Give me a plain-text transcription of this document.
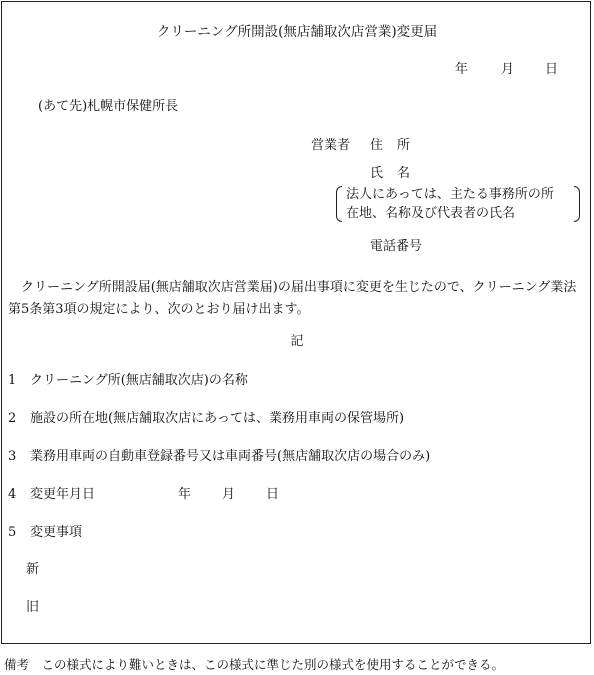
クリーニング所開設(無店舗取次店営業)変更届
年	月 日
(あて先)札幌市保健所長
営業者 住所
氏名
法人にあっては、主たる事務所の所
在地、名称及び代表者の氏名
電話番号
クリーニング所開設届(無店舗取次店営業届)の届出事項に変更を生じたので、クリーニング業法第5条第3項の規定により、次のとおり届け出ます。
記
1 クリーニング所(無店舗取次店)の名称
2 施設の所在地(無店舗取次店にあっては、業務用車両の保管場所)
3 業務用車両の自動車登録番号又は車両番号(無店舗取次店の場合のみ)
4 変更年月日	年 月 日
5 変更事項
新
旧
備考　この様式により難いときは、この様式に準じた別の様式を使用することができる。
